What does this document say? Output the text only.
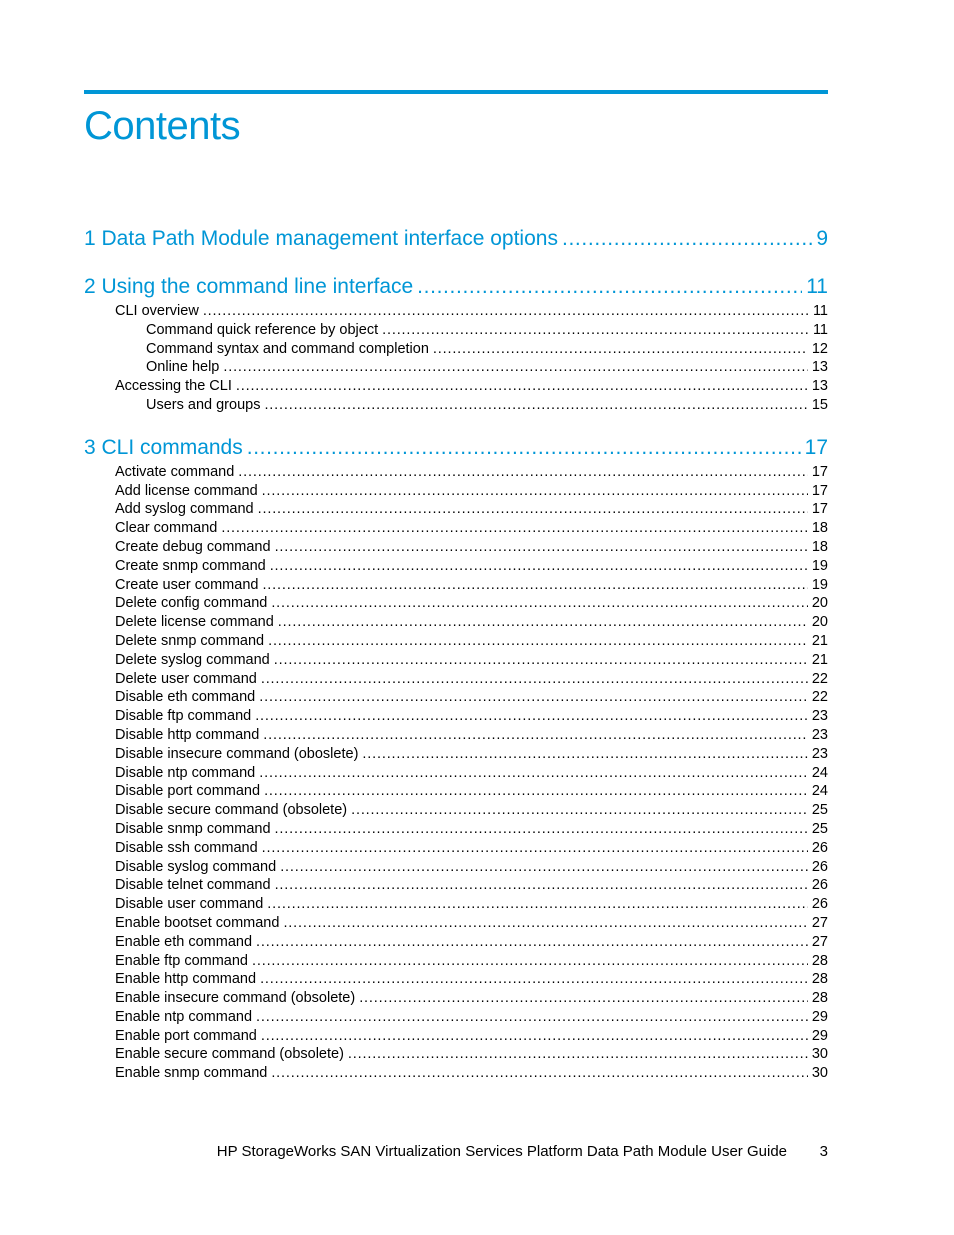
Contents
1 Data Path Module management interface options . . .	9
2 Using the command line interface . . .	11
CLI overview . . .	11
Command quick reference by object . . .	11
Command syntax and command completion . . .	12
Online help . . .	13
Accessing the CLI . . .	13
Users and groups . . .	15
3 CLI commands . . .	17
Activate command . . .	17
Add license command . . .	17
Add syslog command . . .	17
Clear command . . .	18
Create debug command . . .	18
Create snmp command . . .	19
Create user command . . .	19
Delete config command . . .	20
Delete license command . . .	20
Delete snmp command . . .	21
Delete syslog command . . .	21
Delete user command . . .	22
Disable eth command . . .	22
Disable ftp command . . .	23
Disable http command . . .	23
Disable insecure command (oboslete) . . .	23
Disable ntp command . . .	24
Disable port command . . .	24
Disable secure command (obsolete) . . .	25
Disable snmp command . . .	25
Disable ssh command . . .	26
Disable syslog command . . .	26
Disable telnet command . . .	26
Disable user command . . .	26
Enable bootset command . . .	27
Enable eth command . . .	27
Enable ftp command . . .	28
Enable http command . . .	28
Enable insecure command (obsolete) . . .	28
Enable ntp command . . .	29
Enable port command . . .	29
Enable secure command (obsolete) . . .	30
Enable snmp command . . .	30
HP StorageWorks SAN Virtualization Services Platform Data Path Module User Guide 3
